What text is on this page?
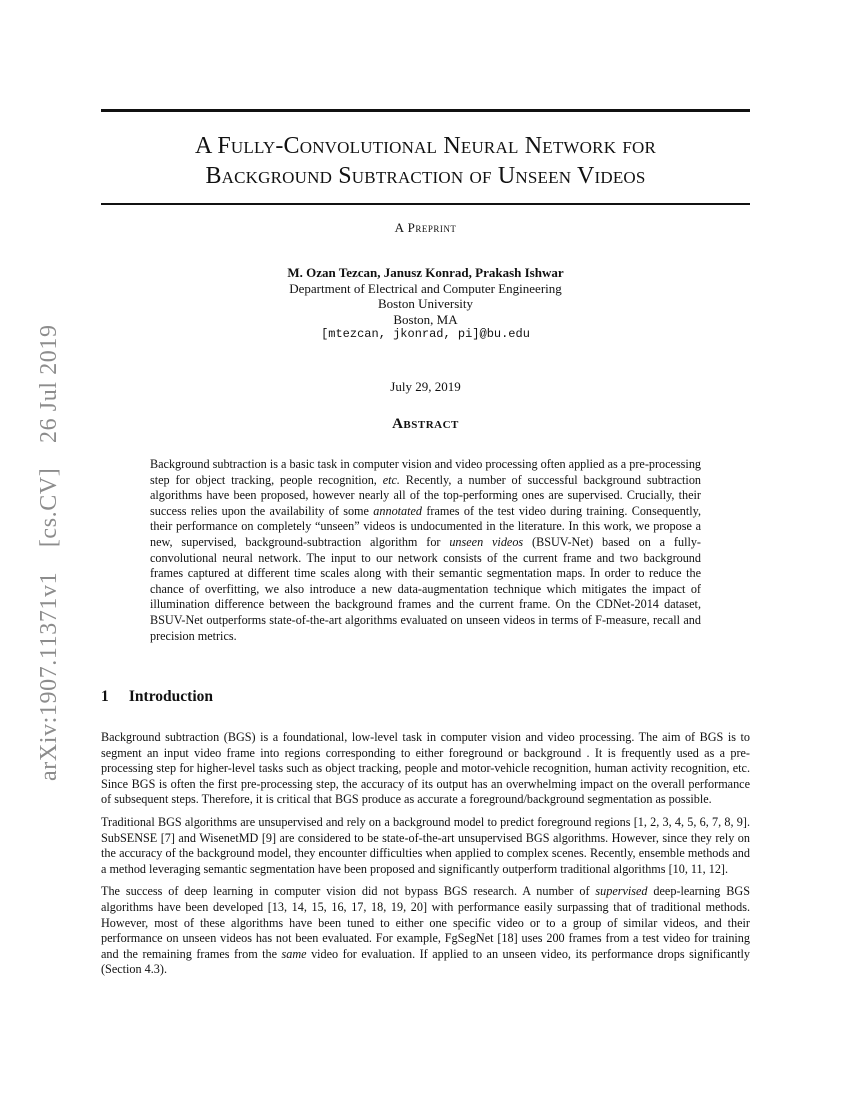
arXiv:1907.11371v1 [cs.CV] 26 Jul 2019
A Fully-Convolutional Neural Network for
Background Subtraction of Unseen Videos
A Preprint
M. Ozan Tezcan, Janusz Konrad, Prakash Ishwar
Department of Electrical and Computer Engineering
Boston University
Boston, MA
[mtezcan, jkonrad, pi]@bu.edu
July 29, 2019
Abstract
Background subtraction is a basic task in computer vision and video processing often applied as a pre-processing step for object tracking, people recognition, etc. Recently, a number of successful background subtraction algorithms have been proposed, however nearly all of the top-performing ones are supervised. Crucially, their success relies upon the availability of some annotated frames of the test video during training. Consequently, their performance on completely “unseen” videos is undocumented in the literature. In this work, we propose a new, supervised, background-subtraction algorithm for unseen videos (BSUV-Net) based on a fully-convolutional neural network. The input to our network consists of the current frame and two background frames captured at different time scales along with their semantic segmentation maps. In order to reduce the chance of overfitting, we also introduce a new data-augmentation technique which mitigates the impact of illumination difference between the background frames and the current frame. On the CDNet-2014 dataset, BSUV-Net outperforms state-of-the-art algorithms evaluated on unseen videos in terms of F-measure, recall and precision metrics.
1 Introduction

Background subtraction (BGS) is a foundational, low-level task in computer vision and video processing. The aim of BGS is to segment an input video frame into regions corresponding to either foreground or background . It is frequently used as a pre-processing step for higher-level tasks such as object tracking, people and motor-vehicle recognition, human activity recognition, etc. Since BGS is often the first pre-processing step, the accuracy of its output has an overwhelming impact on the overall performance of subsequent steps. Therefore, it is critical that BGS produce as accurate a foreground/background segmentation as possible.

Traditional BGS algorithms are unsupervised and rely on a background model to predict foreground regions [1, 2, 3, 4, 5, 6, 7, 8, 9]. SubSENSE [7] and WisenetMD [9] are considered to be state-of-the-art unsupervised BGS algorithms. However, since they rely on the accuracy of the background model, they encounter difficulties when applied to complex scenes. Recently, ensemble methods and a method leveraging semantic segmentation have been proposed and significantly outperform traditional algorithms [10, 11, 12].

The success of deep learning in computer vision did not bypass BGS research. A number of supervised deep-learning BGS algorithms have been developed [13, 14, 15, 16, 17, 18, 19, 20] with performance easily surpassing that of traditional methods. However, most of these algorithms have been tuned to either one specific video or to a group of similar videos, and their performance on unseen videos has not been evaluated. For example, FgSegNet [18] uses 200 frames from a test video for training and the remaining frames from the same video for evaluation. If applied to an unseen video, its performance drops significantly (Section 4.3).
